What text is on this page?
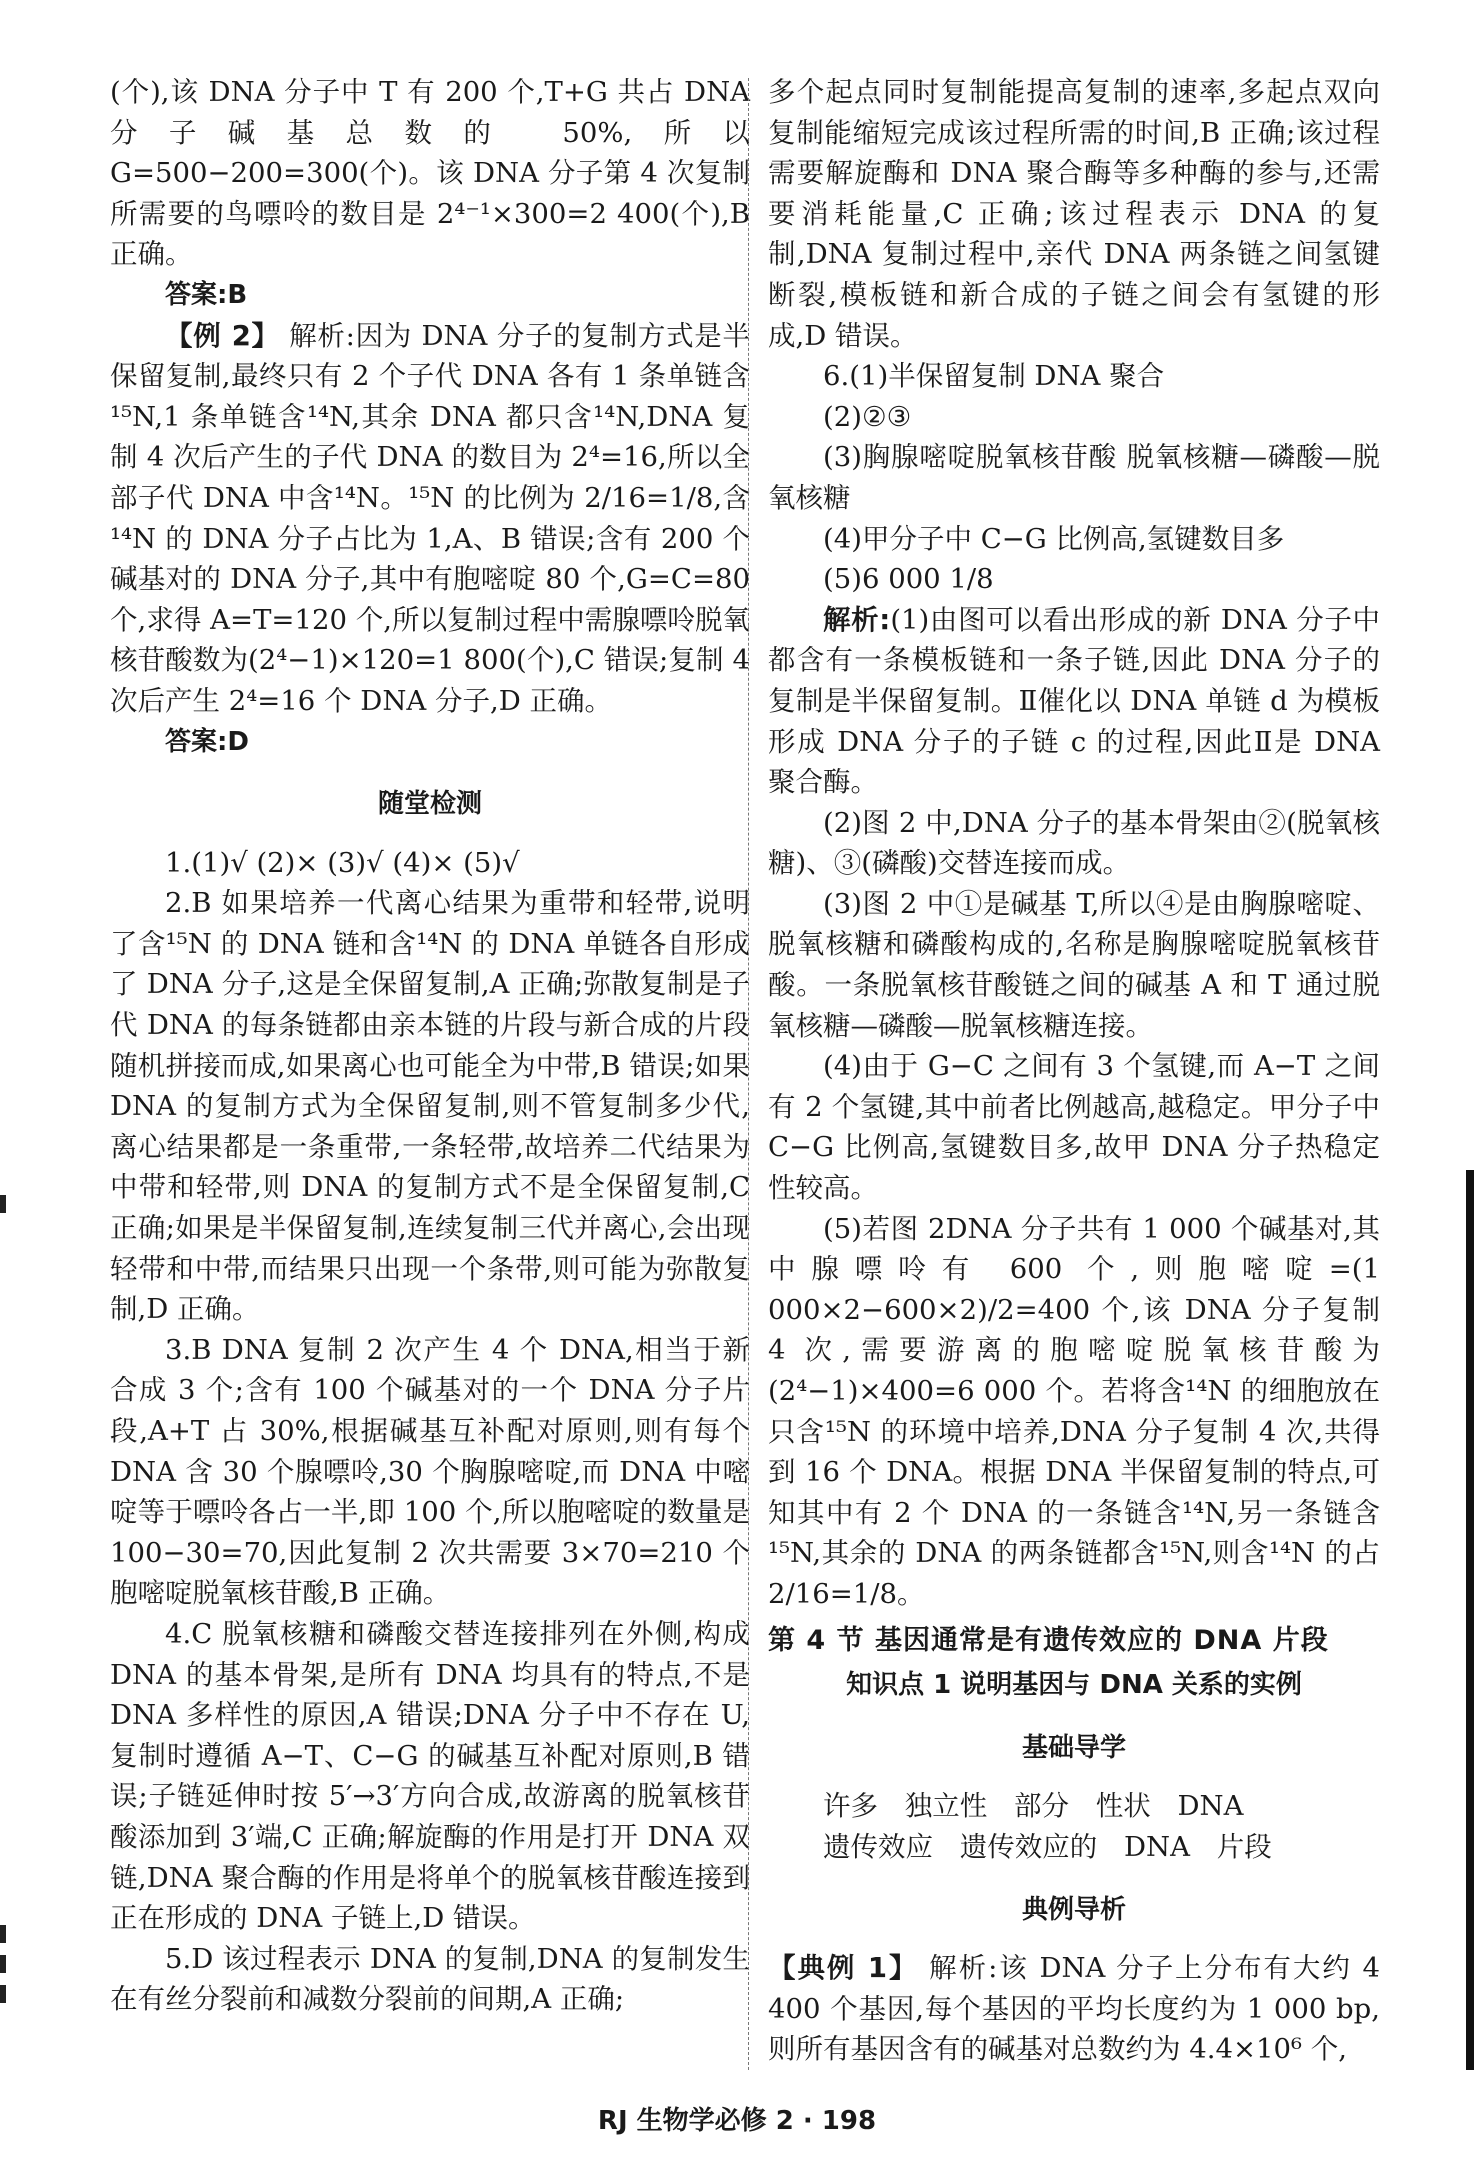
(个),该 DNA 分子中 T 有 200 个,T+G 共占 DNA 分子碱基总数的 50%,所以 G=500−200=300(个)。该 DNA 分子第 4 次复制所需要的鸟嘌呤的数目是 2⁴⁻¹×300=2 400(个),B 正确。

答案:B

【例 2】 解析:因为 DNA 分子的复制方式是半保留复制,最终只有 2 个子代 DNA 各有 1 条单链含¹⁵N,1 条单链含¹⁴N,其余 DNA 都只含¹⁴N,DNA 复制 4 次后产生的子代 DNA 的数目为 2⁴=16,所以全部子代 DNA 中含¹⁴N。¹⁵N 的比例为 2/16=1/8,含¹⁴N 的 DNA 分子占比为 1,A、B 错误;含有 200 个碱基对的 DNA 分子,其中有胞嘧啶 80 个,G=C=80 个,求得 A=T=120 个,所以复制过程中需腺嘌呤脱氧核苷酸数为(2⁴−1)×120=1 800(个),C 错误;复制 4 次后产生 2⁴=16 个 DNA 分子,D 正确。

答案:D

随堂检测

1.(1)√ (2)× (3)√ (4)× (5)√

2.B 如果培养一代离心结果为重带和轻带,说明了含¹⁵N 的 DNA 链和含¹⁴N 的 DNA 单链各自形成了 DNA 分子,这是全保留复制,A 正确;弥散复制是子代 DNA 的每条链都由亲本链的片段与新合成的片段随机拼接而成,如果离心也可能全为中带,B 错误;如果 DNA 的复制方式为全保留复制,则不管复制多少代,离心结果都是一条重带,一条轻带,故培养二代结果为中带和轻带,则 DNA 的复制方式不是全保留复制,C 正确;如果是半保留复制,连续复制三代并离心,会出现轻带和中带,而结果只出现一个条带,则可能为弥散复制,D 正确。

3.B DNA 复制 2 次产生 4 个 DNA,相当于新合成 3 个;含有 100 个碱基对的一个 DNA 分子片段,A+T 占 30%,根据碱基互补配对原则,则有每个 DNA 含 30 个腺嘌呤,30 个胸腺嘧啶,而 DNA 中嘧啶等于嘌呤各占一半,即 100 个,所以胞嘧啶的数量是 100−30=70,因此复制 2 次共需要 3×70=210 个胞嘧啶脱氧核苷酸,B 正确。

4.C 脱氧核糖和磷酸交替连接排列在外侧,构成 DNA 的基本骨架,是所有 DNA 均具有的特点,不是 DNA 多样性的原因,A 错误;DNA 分子中不存在 U,复制时遵循 A−T、C−G 的碱基互补配对原则,B 错误;子链延伸时按 5′→3′方向合成,故游离的脱氧核苷酸添加到 3′端,C 正确;解旋酶的作用是打开 DNA 双链,DNA 聚合酶的作用是将单个的脱氧核苷酸连接到正在形成的 DNA 子链上,D 错误。

5.D 该过程表示 DNA 的复制,DNA 的复制发生在有丝分裂前和减数分裂前的间期,A 正确;

多个起点同时复制能提高复制的速率,多起点双向复制能缩短完成该过程所需的时间,B 正确;该过程需要解旋酶和 DNA 聚合酶等多种酶的参与,还需要消耗能量,C 正确;该过程表示 DNA 的复制,DNA 复制过程中,亲代 DNA 两条链之间氢键断裂,模板链和新合成的子链之间会有氢键的形成,D 错误。

6.(1)半保留复制 DNA 聚合

(2)②③

(3)胸腺嘧啶脱氧核苷酸 脱氧核糖—磷酸—脱氧核糖

(4)甲分子中 C−G 比例高,氢键数目多

(5)6 000 1/8

解析:(1)由图可以看出形成的新 DNA 分子中都含有一条模板链和一条子链,因此 DNA 分子的复制是半保留复制。Ⅱ催化以 DNA 单链 d 为模板形成 DNA 分子的子链 c 的过程,因此Ⅱ是 DNA 聚合酶。

(2)图 2 中,DNA 分子的基本骨架由②(脱氧核糖)、③(磷酸)交替连接而成。

(3)图 2 中①是碱基 T,所以④是由胸腺嘧啶、脱氧核糖和磷酸构成的,名称是胸腺嘧啶脱氧核苷酸。一条脱氧核苷酸链之间的碱基 A 和 T 通过脱氧核糖—磷酸—脱氧核糖连接。

(4)由于 G−C 之间有 3 个氢键,而 A−T 之间有 2 个氢键,其中前者比例越高,越稳定。甲分子中 C−G 比例高,氢键数目多,故甲 DNA 分子热稳定性较高。

(5)若图 2DNA 分子共有 1 000 个碱基对,其中腺嘌呤有 600 个,则胞嘧啶=(1 000×2−600×2)/2=400 个,该 DNA 分子复制 4 次,需要游离的胞嘧啶脱氧核苷酸为(2⁴−1)×400=6 000 个。若将含¹⁴N 的细胞放在只含¹⁵N 的环境中培养,DNA 分子复制 4 次,共得到 16 个 DNA。根据 DNA 半保留复制的特点,可知其中有 2 个 DNA 的一条链含¹⁴N,另一条链含¹⁵N,其余的 DNA 的两条链都含¹⁵N,则含¹⁴N 的占 2/16=1/8。

第 4 节 基因通常是有遗传效应的 DNA 片段
知识点 1 说明基因与 DNA 关系的实例
基础导学

许多 独立性 部分 性状 DNA

遗传效应 遗传效应的 DNA 片段

典例导析

【典例 1】 解析:该 DNA 分子上分布有大约 4 400 个基因,每个基因的平均长度约为 1 000 bp,则所有基因含有的碱基对总数约为 4.4×10⁶ 个,

RJ 生物学必修 2 · 198
